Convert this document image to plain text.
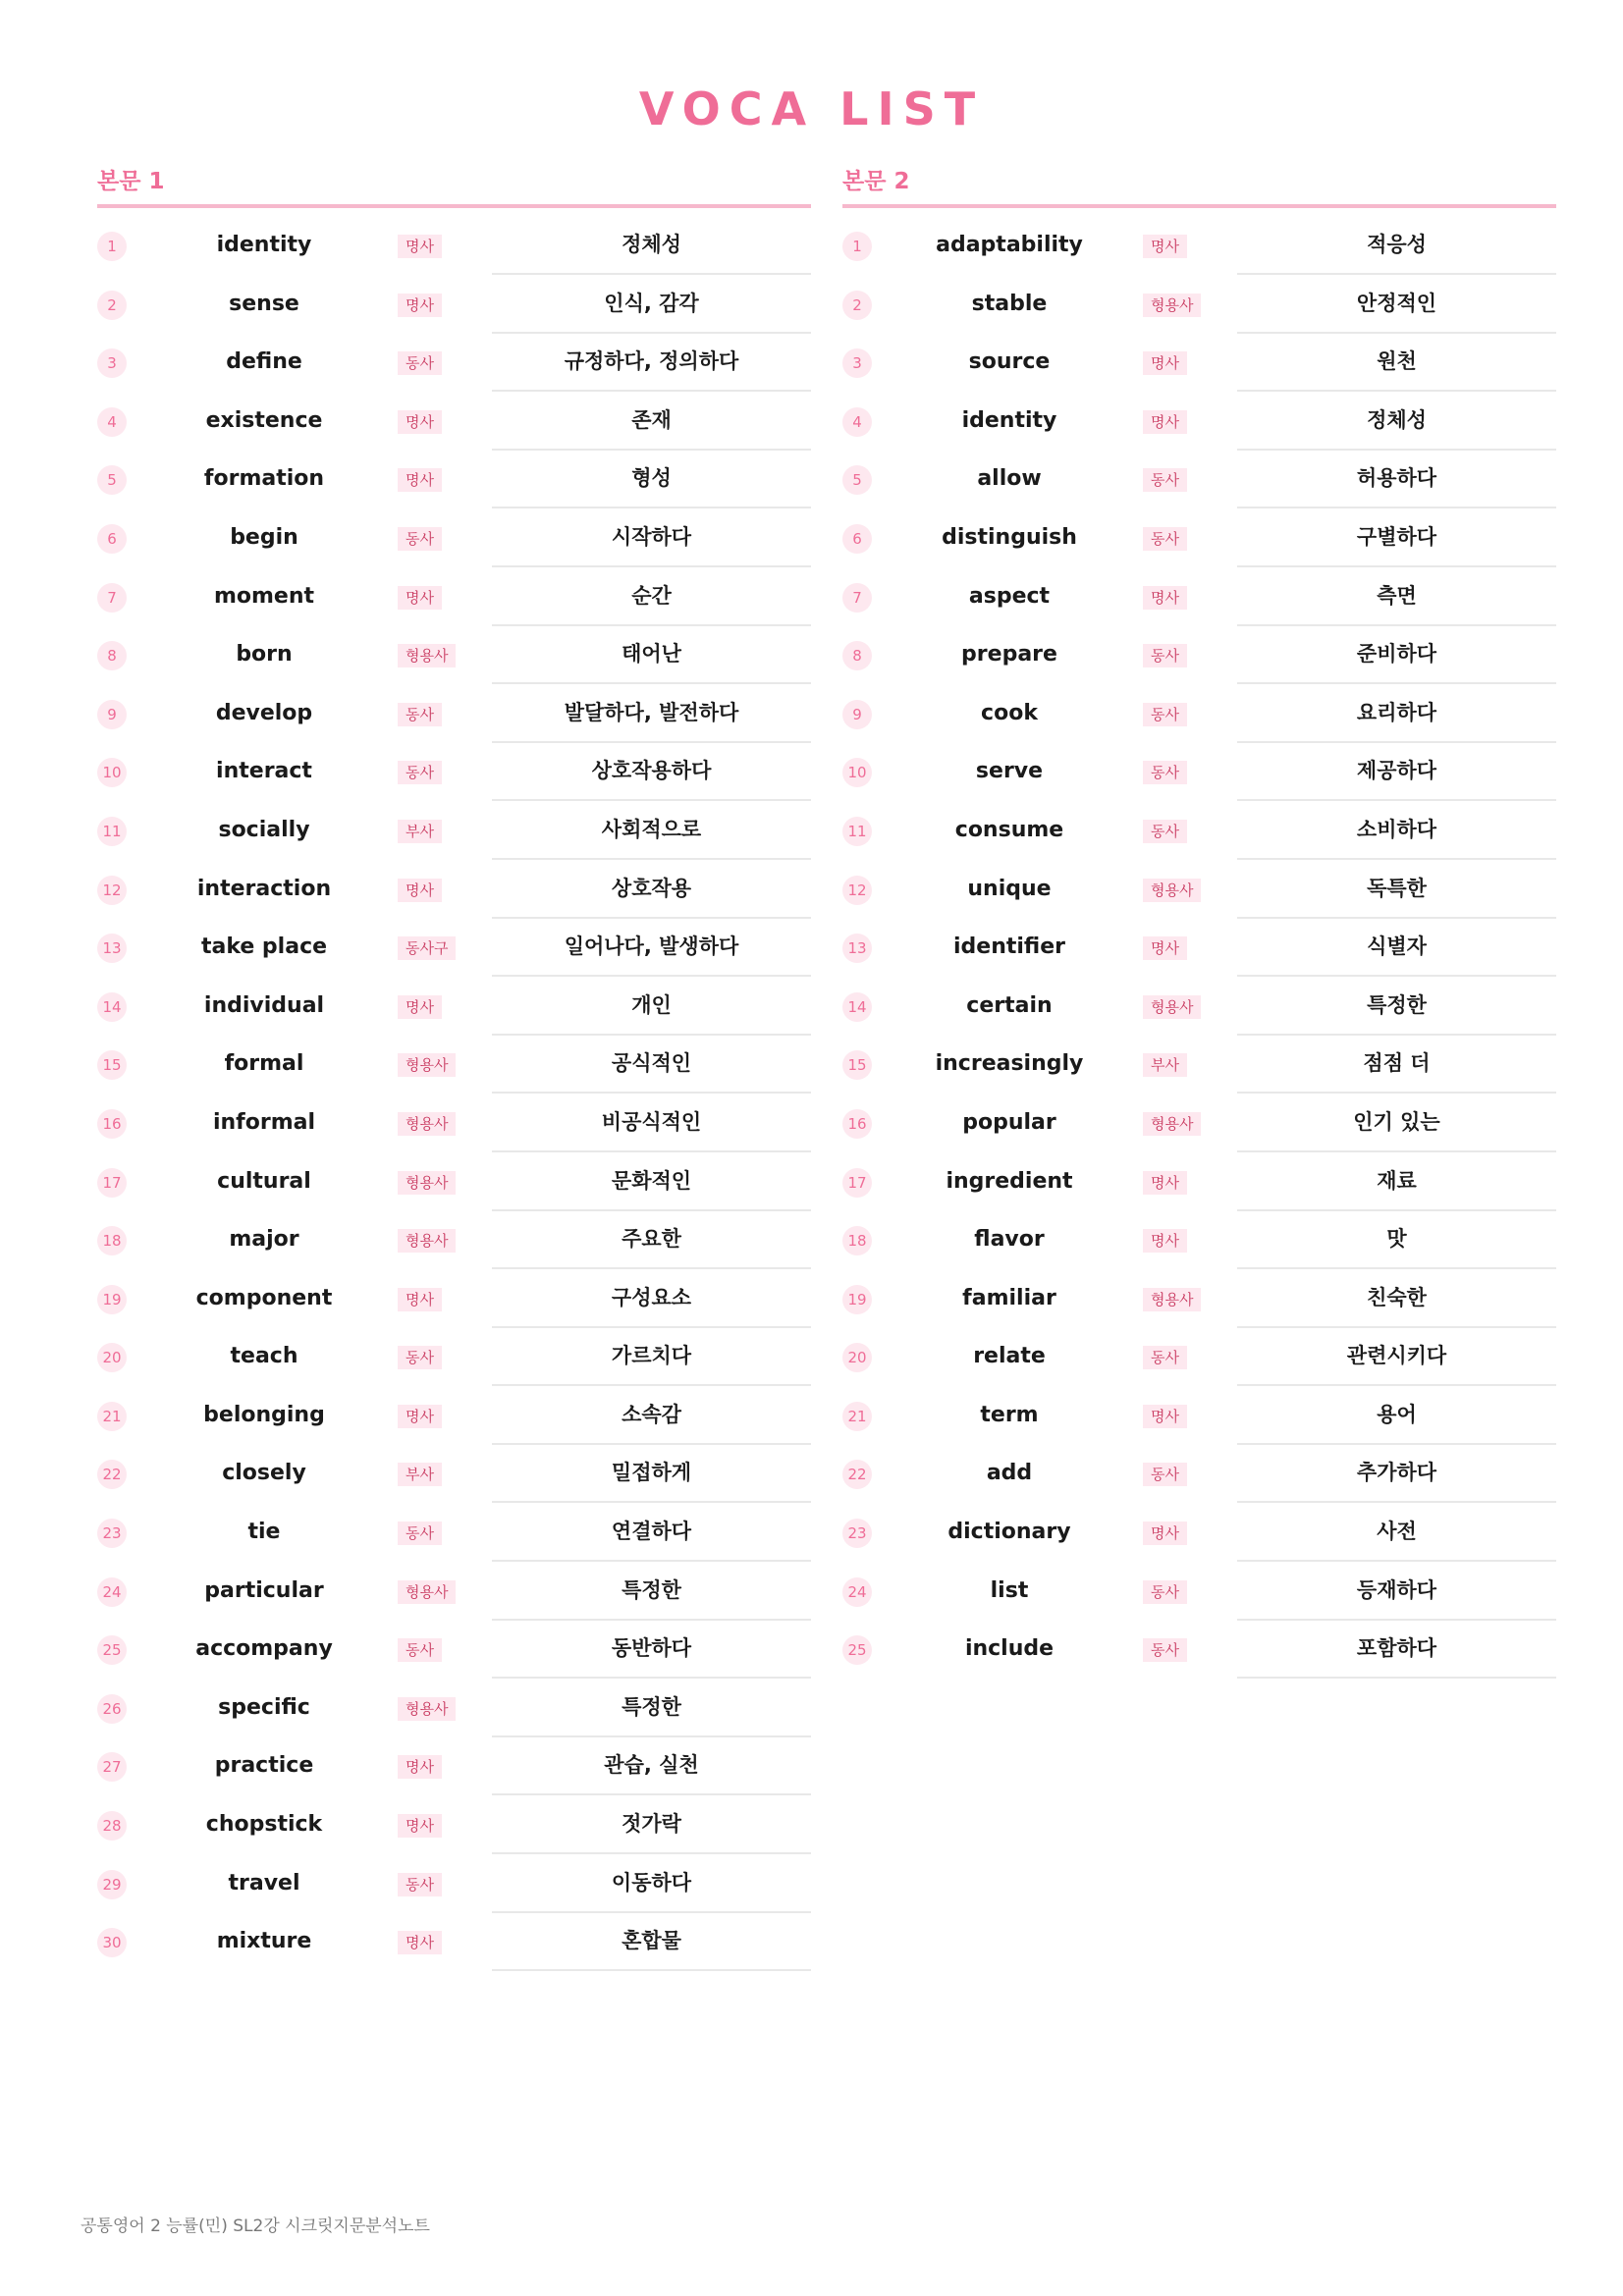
VOCA LIST
본문 1
1	identity	명사	정체성
2	sense	명사	인식, 감각
3	define	동사	규정하다, 정의하다
4	existence	명사	존재
5	formation	명사	형성
6	begin	동사	시작하다
7	moment	명사	순간
8	born	형용사	태어난
9	develop	동사	발달하다, 발전하다
10	interact	동사	상호작용하다
11	socially	부사	사회적으로
12	interaction	명사	상호작용
13	take place	동사구	일어나다, 발생하다
14	individual	명사	개인
15	formal	형용사	공식적인
16	informal	형용사	비공식적인
17	cultural	형용사	문화적인
18	major	형용사	주요한
19	component	명사	구성요소
20	teach	동사	가르치다
21	belonging	명사	소속감
22	closely	부사	밀접하게
23	tie	동사	연결하다
24	particular	형용사	특정한
25	accompany	동사	동반하다
26	specific	형용사	특정한
27	practice	명사	관습, 실천
28	chopstick	명사	젓가락
29	travel	동사	이동하다
30	mixture	명사	혼합물
본문 2
1	adaptability	명사	적응성
2	stable	형용사	안정적인
3	source	명사	원천
4	identity	명사	정체성
5	allow	동사	허용하다
6	distinguish	동사	구별하다
7	aspect	명사	측면
8	prepare	동사	준비하다
9	cook	동사	요리하다
10	serve	동사	제공하다
11	consume	동사	소비하다
12	unique	형용사	독특한
13	identifier	명사	식별자
14	certain	형용사	특정한
15	increasingly	부사	점점 더
16	popular	형용사	인기 있는
17	ingredient	명사	재료
18	flavor	명사	맛
19	familiar	형용사	친숙한
20	relate	동사	관련시키다
21	term	명사	용어
22	add	동사	추가하다
23	dictionary	명사	사전
24	list	동사	등재하다
25	include	동사	포함하다
공통영어 2 능률(민) SL2강 시크릿지문분석노트
